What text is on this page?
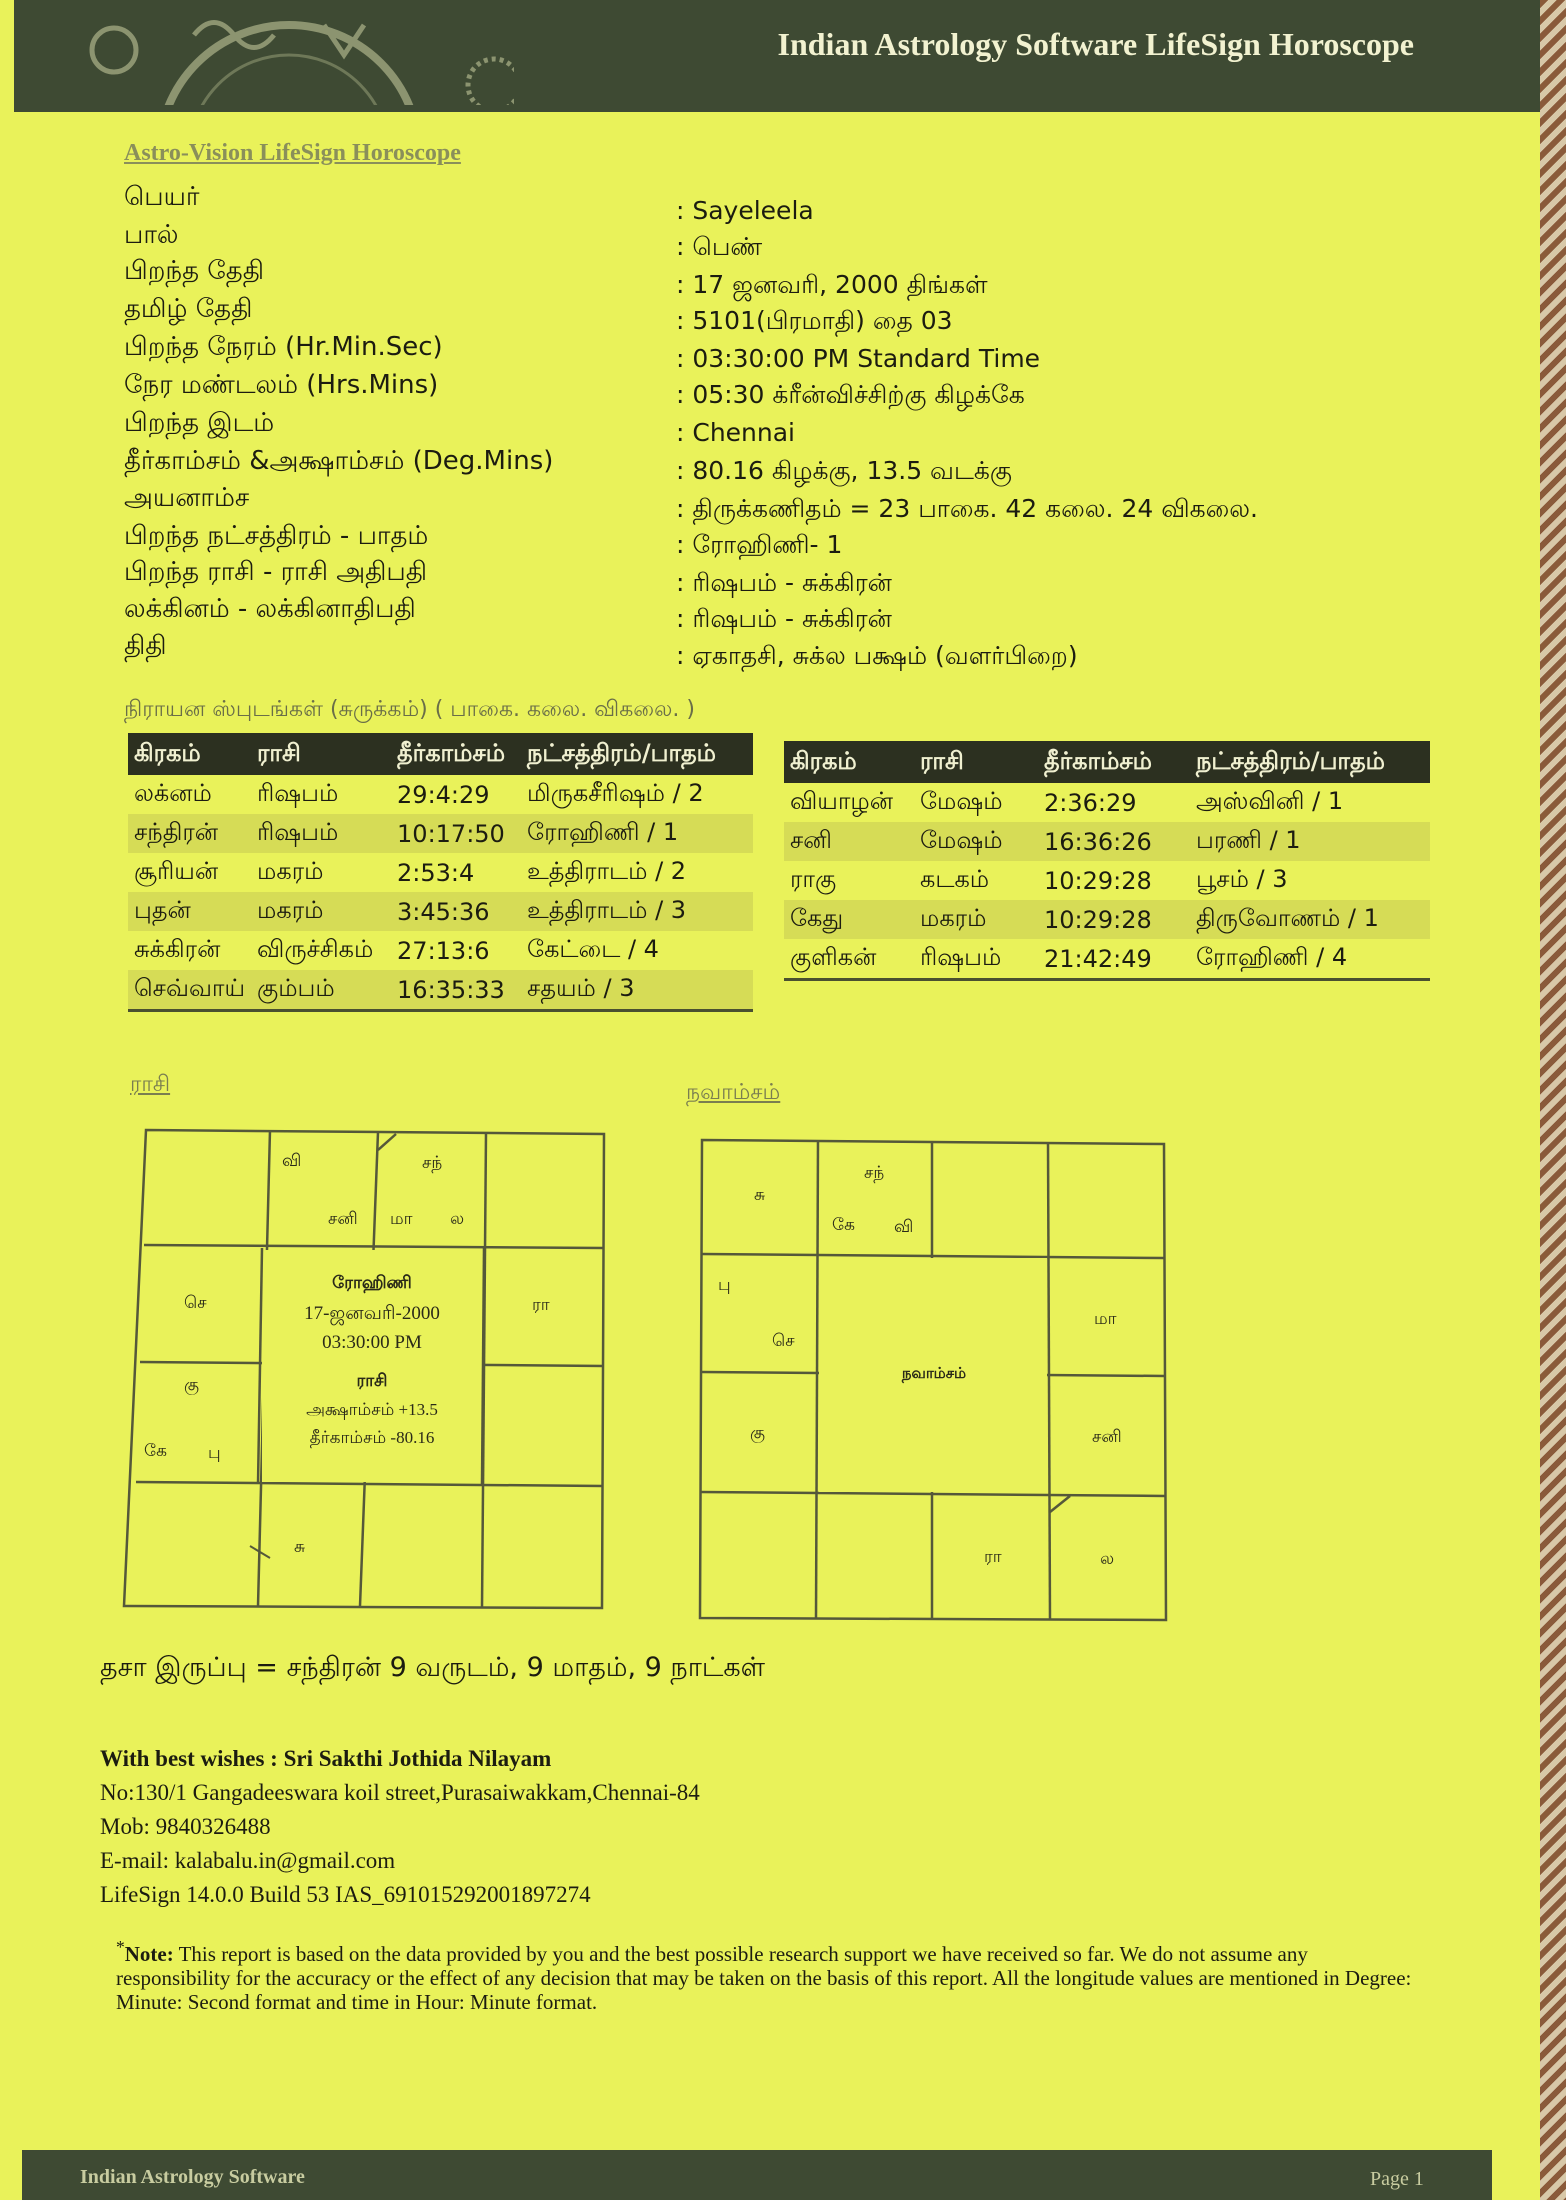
Indian Astrology Software LifeSign Horoscope
Astro-Vision LifeSign Horoscope
பெயர்	: Sayeleela
பால்	: பெண்
பிறந்த தேதி	: 17 ஜனவரி, 2000 திங்கள்
தமிழ் தேதி	: 5101(பிரமாதி) தை 03
பிறந்த நேரம் (Hr.Min.Sec)	: 03:30:00 PM Standard Time
நேர மண்டலம் (Hrs.Mins)	: 05:30 க்ரீன்விச்சிற்கு கிழக்கே
பிறந்த இடம்	: Chennai
தீர்காம்சம் &அக்ஷாம்சம் (Deg.Mins)	: 80.16 கிழக்கு, 13.5 வடக்கு
அயனாம்ச	: திருக்கணிதம் = 23 பாகை. 42 கலை. 24 விகலை.
பிறந்த நட்சத்திரம் - பாதம்	: ரோஹிணி- 1
பிறந்த ராசி - ராசி அதிபதி	: ரிஷபம் - சுக்கிரன்
லக்கினம் - லக்கினாதிபதி	: ரிஷபம் - சுக்கிரன்
திதி	: ஏகாதசி, சுக்ல பக்ஷம் (வளர்பிறை)
நிராயன ஸ்புடங்கள் (சுருக்கம்) ( பாகை. கலை. விகலை. )
கிரகம்	ராசி	தீர்காம்சம்	நட்சத்திரம்/பாதம்
லக்னம்	ரிஷபம்	29:4:29	மிருகசீரிஷம் / 2
சந்திரன்	ரிஷபம்	10:17:50	ரோஹிணி / 1
சூரியன்	மகரம்	2:53:4	உத்திராடம் / 2
புதன்	மகரம்	3:45:36	உத்திராடம் / 3
சுக்கிரன்	விருச்சிகம்	27:13:6	கேட்டை / 4
செவ்வாய்	கும்பம்	16:35:33	சதயம் / 3
கிரகம்	ராசி	தீர்காம்சம்	நட்சத்திரம்/பாதம்
வியாழன்	மேஷம்	2:36:29	அஸ்வினி / 1
சனி	மேஷம்	16:36:26	பரணி / 1
ராகு	கடகம்	10:29:28	பூசம் / 3
கேது	மகரம்	10:29:28	திருவோணம் / 1
குளிகன்	ரிஷபம்	21:42:49	ரோஹிணி / 4
ராசி	நவாம்சம்
வி
சனி
சந்
மா ல
செ	ரா
கு
கே பு
சு
ரோஹிணி
17-ஜனவரி-2000
03:30:00 PM
ராசி
அக்ஷாம்சம் +13.5
தீர்காம்சம் -80.16
சு
சந்
கே வி
பு
செ
மா
கு	சனி
ரா	ல
நவாம்சம்
தசா இருப்பு = சந்திரன் 9 வருடம், 9 மாதம், 9 நாட்கள்
With best wishes : Sri Sakthi Jothida Nilayam
No:130/1 Gangadeeswara koil street,Purasaiwakkam,Chennai-84
Mob: 9840326488
E-mail: kalabalu.in@gmail.com
LifeSign 14.0.0 Build 53 IAS_691015292001897274
*Note: This report is based on the data provided by you and the best possible research support we have received so far. We do not assume any responsibility for the accuracy or the effect of any decision that may be taken on the basis of this report. All the longitude values are mentioned in Degree: Minute: Second format and time in Hour: Minute format.
Indian Astrology Software	Page 1
